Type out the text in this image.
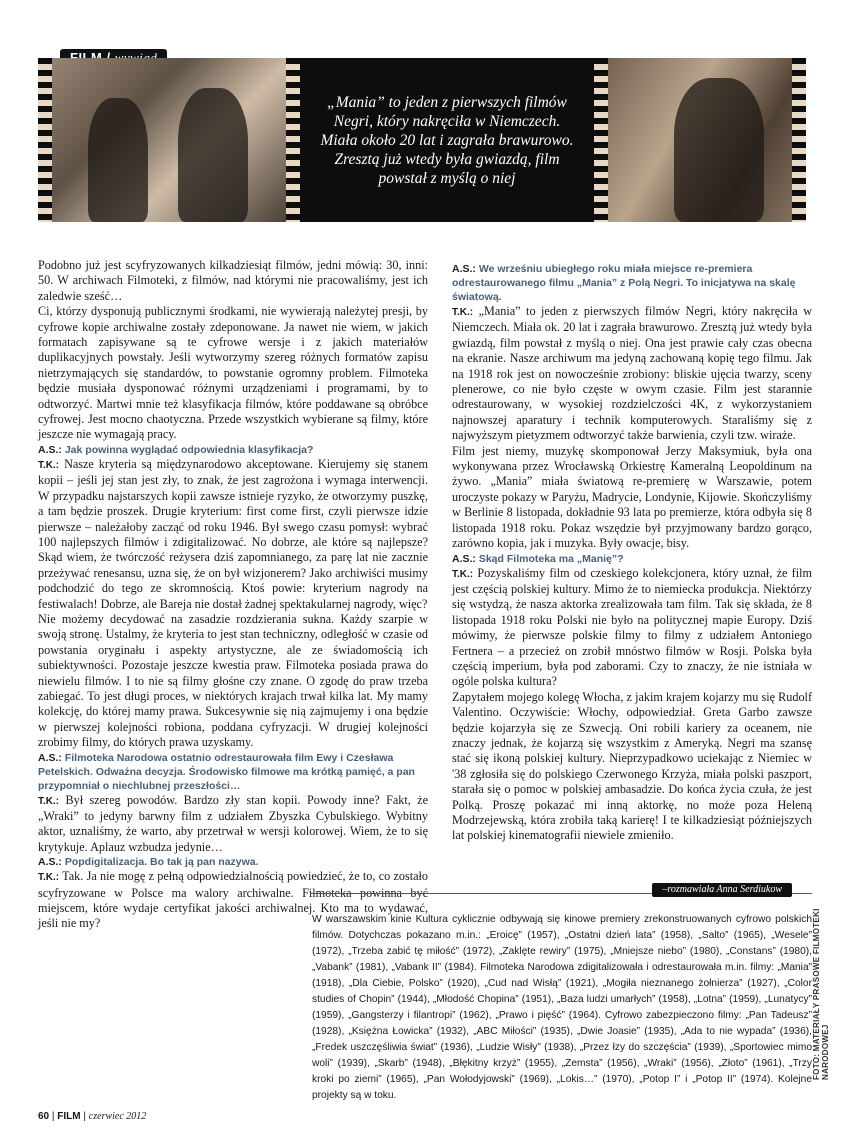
„Mania” to jeden z pierwszych filmów Negri, który nakręciła w Niemczech. Miała około 20 lat i zagrała brawurowo. Zresztą już wtedy była gwiazdą, film powstał z myślą o niej

Podobno już jest scyfryzowanych kilkadziesiąt filmów, jedni mówią: 30, inni: 50. W archiwach Filmoteki, z filmów, nad którymi nie pracowaliśmy, jest ich zaledwie sześć…

Ci, którzy dysponują publicznymi środkami, nie wywierają należytej presji, by cyfrowe kopie archiwalne zostały zdeponowane. Ja nawet nie wiem, w jakich formatach zapisywane są te cyfrowe wersje i z jakich materiałów duplikacyjnych powstały. Jeśli wytworzymy szereg różnych formatów zapisu nietrzymających się standardów, to powstanie ogromny problem. Filmoteka będzie musiała dysponować różnymi urządzeniami i programami, by to odtworzyć. Martwi mnie też klasyfikacja filmów, które poddawane są obróbce cyfrowej. Jest mocno chaotyczna. Przede wszystkich wybierane są filmy, które jeszcze nie wymagają pracy.

A.S.: Jak powinna wyglądać odpowiednia klasyfikacja?

T.K.: Nasze kryteria są międzynarodowo akceptowane. Kierujemy się stanem kopii – jeśli jej stan jest zły, to znak, że jest zagrożona i wymaga interwencji. W przypadku najstarszych kopii zawsze istnieje ryzyko, że otworzymy puszkę, a tam będzie proszek. Drugie kryterium: first come first, czyli pierwsze idzie pierwsze – należałoby zacząć od roku 1946. Był swego czasu pomysł: wybrać 100 najlepszych filmów i zdigitalizować. No dobrze, ale które są najlepsze? Skąd wiem, że twórczość reżysera dziś zapomnianego, za parę lat nie zacznie przeżywać renesansu, uzna się, że on był wizjonerem? Jako archiwiści musimy podchodzić do tego ze skromnością. Ktoś powie: kryterium nagrody na festiwalach! Dobrze, ale Bareja nie dostał żadnej spektakularnej nagrody, więc?

Nie możemy decydować na zasadzie rozdzierania sukna. Każdy szarpie w swoją stronę. Ustalmy, że kryteria to jest stan techniczny, odległość w czasie od powstania oryginału i aspekty artystyczne, ale ze świadomością ich subiektywności. Pozostaje jeszcze kwestia praw. Filmoteka posiada prawa do niewielu filmów. I to nie są filmy głośne czy znane. O zgodę do praw trzeba zabiegać. To jest długi proces, w niektórych krajach trwał kilka lat. My mamy kolekcję, do której mamy prawa. Sukcesywnie się nią zajmujemy i ona będzie w pierwszej kolejności robiona, poddana cyfryzacji. W drugiej kolejności zrobimy filmy, do których prawa uzyskamy.

A.S.: Filmoteka Narodowa ostatnio odrestaurowała film Ewy i Czesława Petelskich. Odważna decyzja. Środowisko filmowe ma krótką pamięć, a pan przypomniał o niechlubnej przeszłości…

T.K.: Był szereg powodów. Bardzo zły stan kopii. Powody inne? Fakt, że „Wraki” to jedyny barwny film z udziałem Zbyszka Cybulskiego. Wybitny aktor, uznaliśmy, że warto, aby przetrwał w wersji kolorowej. Wiem, że to się krytykuje. Aplauz wzbudza jedynie…

A.S.: Popdigitalizacja. Bo tak ją pan nazywa.

T.K.: Tak. Ja nie mogę z pełną odpowiedzialnością powiedzieć, że to, co zostało scyfryzowane w Polsce ma walory archiwalne. Filmoteka powinna być miejscem, które wydaje certyfikat jakości archiwalnej. Kto ma to wydawać, jeśli nie my?

A.S.: We wrześniu ubiegłego roku miała miejsce re-premiera odrestaurowanego filmu „Mania” z Polą Negri. To inicjatywa na skalę światową.

T.K.: „Mania” to jeden z pierwszych filmów Negri, który nakręciła w Niemczech. Miała ok. 20 lat i zagrała brawurowo. Zresztą już wtedy była gwiazdą, film powstał z myślą o niej. Ona jest prawie cały czas obecna na ekranie. Nasze archiwum ma jedyną zachowaną kopię tego filmu. Jak na 1918 rok jest on nowocześnie zrobiony: bliskie ujęcia twarzy, sceny plenerowe, co nie było częste w owym czasie. Film jest starannie odrestaurowany, w wysokiej rozdzielczości 4K, z wykorzystaniem najnowszej aparatury i technik komputerowych. Staraliśmy się z najwyższym pietyzmem odtworzyć także barwienia, czyli tzw. wiraże.

Film jest niemy, muzykę skomponował Jerzy Maksymiuk, była ona wykonywana przez Wrocławską Orkiestrę Kameralną Leopoldinum na żywo. „Mania” miała światową re-premierę w Warszawie, potem uroczyste pokazy w Paryżu, Madrycie, Londynie, Kijowie. Skończyliśmy w Berlinie 8 listopada, dokładnie 93 lata po premierze, która odbyła się 8 listopada 1918 roku. Pokaz wszędzie był przyjmowany bardzo gorąco, zarówno kopia, jak i muzyka. Były owacje, bisy.

A.S.: Skąd Filmoteka ma „Manię”?

T.K.: Pozyskaliśmy film od czeskiego kolekcjonera, który uznał, że film jest częścią polskiej kultury. Mimo że to niemiecka produkcja. Niektórzy się wstydzą, że nasza aktorka zrealizowała tam film. Tak się składa, że 8 listopada 1918 roku Polski nie było na politycznej mapie Europy. Dziś mówimy, że pierwsze polskie filmy to filmy z udziałem Antoniego Fertnera – a przecież on zrobił mnóstwo filmów w Rosji. Polska była częścią imperium, była pod zaborami. Czy to znaczy, że nie istniała w ogóle polska kultura?

Zapytałem mojego kolegę Włocha, z jakim krajem kojarzy mu się Rudolf Valentino. Oczywiście: Włochy, odpowiedział. Greta Garbo zawsze będzie kojarzyła się ze Szwecją. Oni robili kariery za oceanem, nie znaczy jednak, że kojarzą się wszystkim z Ameryką. Negri ma szansę stać się ikoną polskiej kultury. Nieprzypadkowo uciekając z Niemiec w '38 zgłosiła się do polskiego Czerwonego Krzyża, miała polski paszport, starała się o pomoc w polskiej ambasadzie. Do końca życia czuła, że jest Polką. Proszę pokazać mi inną aktorkę, no może poza Heleną Modrzejewską, która zrobiła taką karierę! I te kilkadziesiąt późniejszych lat polskiej kinematografii niewiele zmieniło.

–rozmawiała Anna Serdiukow
W warszawskim kinie Kultura cyklicznie odbywają się kinowe premiery zrekonstruowanych cyfrowo polskich filmów. Dotychczas pokazano m.in.: „Eroicę” (1957), „Ostatni dzień lata” (1958), „Salto” (1965), „Wesele” (1972), „Trzeba zabić tę miłość” (1972), „Zaklęte rewiry” (1975), „Mniejsze niebo” (1980), „Constans” (1980), „Vabank” (1981), „Vabank II” (1984). Filmoteka Narodowa zdigitalizowała i odrestaurowała m.in. filmy: „Mania” (1918), „Dla Ciebie, Polsko” (1920), „Cud nad Wisłą” (1921), „Mogiła nieznanego żołnierza” (1927), „Color studies of Chopin” (1944), „Młodość Chopina” (1951), „Baza ludzi umarłych” (1958), „Lotna” (1959), „Lunatycy” (1959), „Gangsterzy i filantropi” (1962), „Prawo i pięść” (1964). Cyfrowo zabezpieczono filmy: „Pan Tadeusz” (1928), „Księżna Łowicka” (1932), „ABC Miłości” (1935), „Dwie Joasie” (1935), „Ada to nie wypada” (1936), „Fredek uszczęśliwia świat” (1936), „Ludzie Wisły” (1938), „Przez łzy do szczęścia” (1939), „Sportowiec mimo woli” (1939), „Skarb” (1948), „Błękitny krzyż” (1955), „Zemsta” (1956), „Wraki” (1956), „Złoto” (1961), „Trzy kroki po ziemi” (1965), „Pan Wołodyjowski” (1969), „Lokis…” (1970), „Potop I” i „Potop II” (1974). Kolejne projekty są w toku.
FOTO: MATERIAŁY PRASOWE FILMOTEKI NARODOWEJ
60 | FILM | czerwiec 2012
